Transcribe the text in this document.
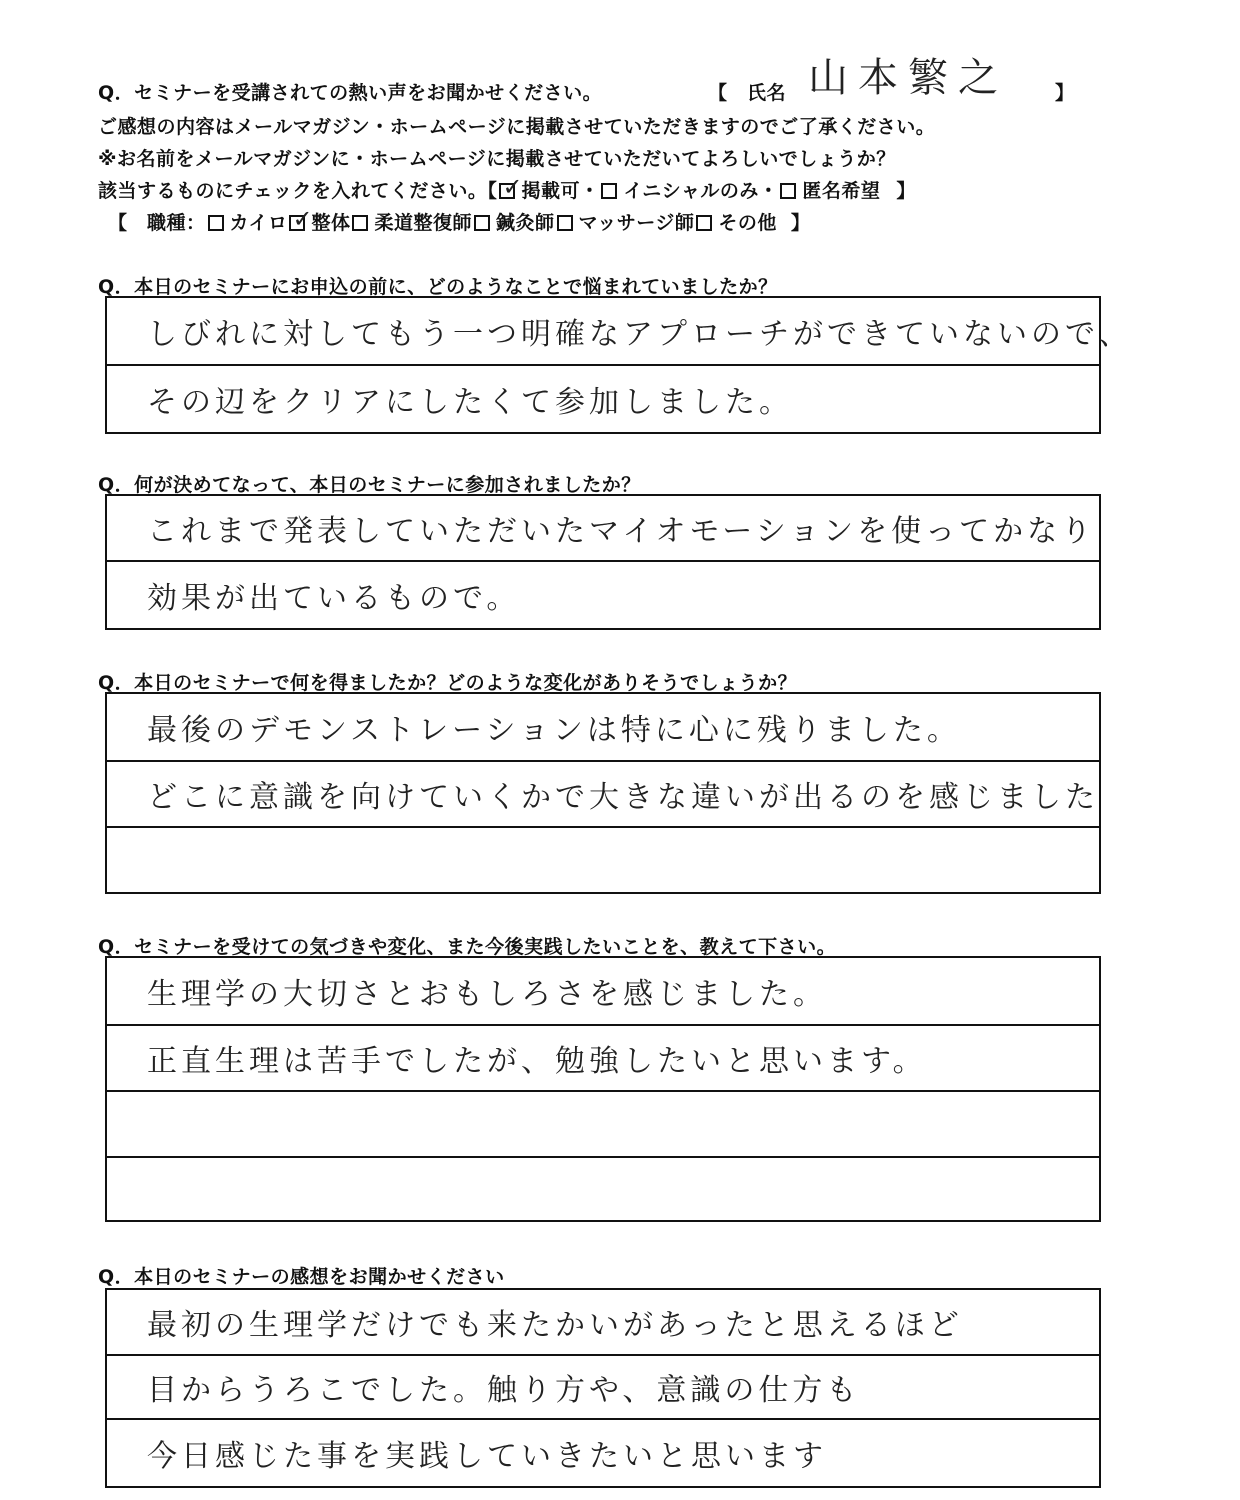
Q．セミナーを受講されての熱い声をお聞かせください。	【　氏名 山本繁之 】
ご感想の内容はメールマガジン・ホームページに掲載させていただきますのでご了承ください。
※お名前をメールマガジンに・ホームページに掲載させていただいてよろしいでしょうか？
該当するものにチェックを入れてください。【 ✓ 掲載可・ イニシャルのみ・ 匿名希望 】
【　職種： カイロ ✓ 整体 柔道整復師 鍼灸師 マッサージ師 その他 】
Q．本日のセミナーにお申込の前に、どのようなことで悩まれていましたか？
しびれに対してもう一つ明確なアプローチができていないので、
その辺をクリアにしたくて参加しました。
Q．何が決めてなって、本日のセミナーに参加されましたか？
これまで発表していただいたマイオモーションを使ってかなり
効果が出ているもので。
Q．本日のセミナーで何を得ましたか？どのような変化がありそうでしょうか？
最後のデモンストレーションは特に心に残りました。
どこに意識を向けていくかで大きな違いが出るのを感じました
Q．セミナーを受けての気づきや変化、また今後実践したいことを、教えて下さい。
生理学の大切さとおもしろさを感じました。
正直生理は苦手でしたが、勉強したいと思います。
Q．本日のセミナーの感想をお聞かせください
最初の生理学だけでも来たかいがあったと思えるほど
目からうろこでした。触り方や、意識の仕方も
今日感じた事を実践していきたいと思います
